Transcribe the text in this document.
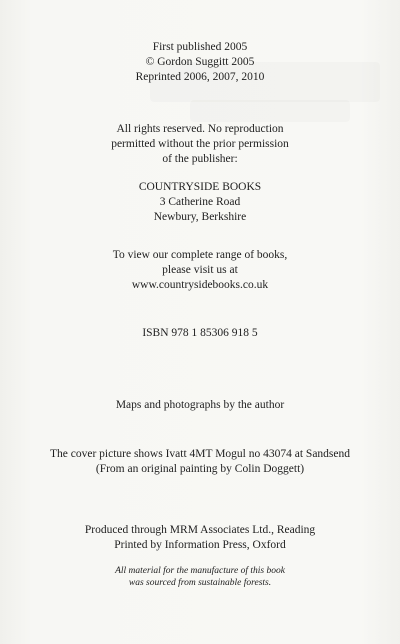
First published 2005
© Gordon Suggitt 2005
Reprinted 2006, 2007, 2010
All rights reserved. No reproduction
permitted without the prior permission
of the publisher:
COUNTRYSIDE BOOKS
3 Catherine Road
Newbury, Berkshire
To view our complete range of books,
please visit us at
www.countrysidebooks.co.uk
ISBN 978 1 85306 918 5
Maps and photographs by the author
The cover picture shows Ivatt 4MT Mogul no 43074 at Sandsend
(From an original painting by Colin Doggett)
Produced through MRM Associates Ltd., Reading
Printed by Information Press, Oxford
All material for the manufacture of this book
was sourced from sustainable forests.
